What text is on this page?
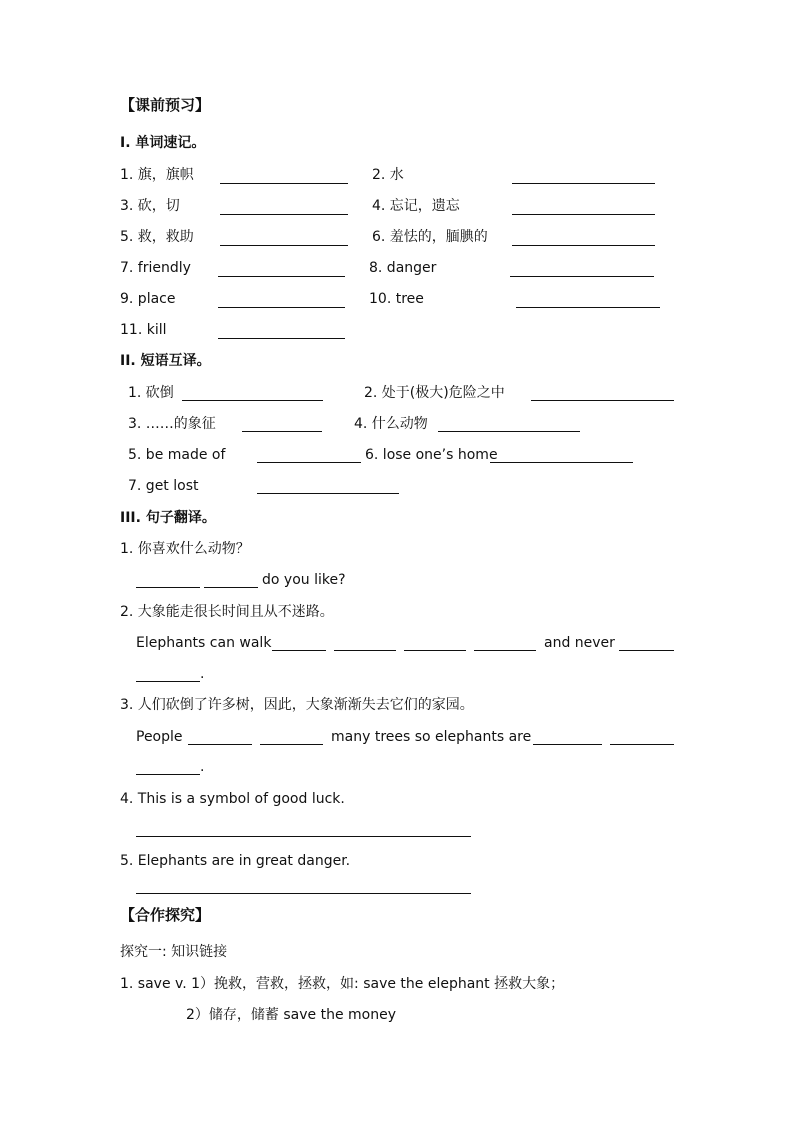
【课前预习】
I. 单词速记。
1. 旗，旗帜	2. 水
3. 砍，切	4. 忘记，遗忘
5. 救，救助	6. 羞怯的，腼腆的
7. friendly	8. danger
9. place	10. tree
11. kill
II. 短语互译。
1. 砍倒	2. 处于(极大)危险之中
3. ……的象征	4. 什么动物
5. be made of	6. lose one’s home
7. get lost
III. 句子翻译。
1. 你喜欢什么动物？
do you like?
2. 大象能走很长时间且从不迷路。
Elephants can walk	and never
.
3. 人们砍倒了许多树，因此，大象渐渐失去它们的家园。
People	many trees so elephants are
.
4. This is a symbol of good luck.
5. Elephants are in great danger.
【合作探究】
探究一: 知识链接
1. save v. 1）挽救，营救，拯救，如: save the elephant 拯救大象；
2）储存，储蓄 save the money
